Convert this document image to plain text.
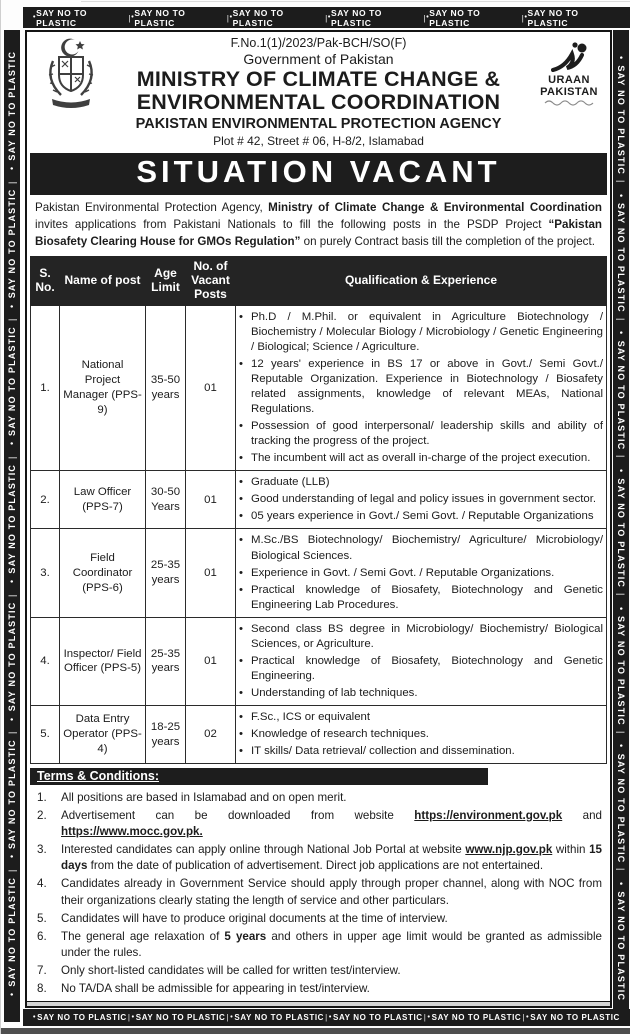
• SAY NO TO PLASTIC	| • SAY NO TO PLASTIC	| • SAY NO TO PLASTIC	| • SAY NO TO PLASTIC	| • SAY NO TO PLASTIC	| • SAY NO TO PLASTIC
•SAY NO TO PLASTIC|•SAY NO TO PLASTIC|•SAY NO TO PLASTIC|•SAY NO TO PLASTIC|•SAY NO TO PLASTIC|•SAY NO TO PLASTIC|•SAY NO TO PLASTIC	•SAY NO TO PLASTIC|•SAY NO TO PLASTIC|•SAY NO TO PLASTIC|•SAY NO TO PLASTIC|•SAY NO TO PLASTIC|•SAY NO TO PLASTIC|•SAY NO TO PLASTIC
F.No.1(1)/2023/Pak-BCH/SO(F)
Government of Pakistan
MINISTRY OF CLIMATE CHANGE &
ENVIRONMENTAL COORDINATION
PAKISTAN ENVIRONMENTAL PROTECTION AGENCY
Plot # 42, Street # 06, H-8/2, Islamabad
URAAN
PAKISTAN
SITUATION VACANT
Pakistan Environmental Protection Agency, Ministry of Climate Change & Environmental Coordination invites applications from Pakistani Nationals to fill the following posts in the PSDP Project “Pakistan Biosafety Clearing House for GMOs Regulation” on purely Contract basis till the completion of the project.
S. No.	Name of post	Age Limit	No. of Vacant Posts	Qualification & Experience
1.	National Project Manager (PPS-9)	35-50 years	01	
• Ph.D / M.Phil. or equivalent in Agriculture Biotechnology / Biochemistry / Molecular Biology / Microbiology / Genetic Engineering / Biological; Science / Agriculture.
• 12 years' experience in BS 17 or above in Govt./ Semi Govt./ Reputable Organization. Experience in Biotechnology / Biosafety related assignments, knowledge of relevant MEAs, National Regulations.
• Possession of good interpersonal/ leadership skills and ability of tracking the progress of the project.
• The incumbent will act as overall in-charge of the project execution.

2.	Law Officer (PPS-7)	30-50 Years	01	
• Graduate (LLB)
• Good understanding of legal and policy issues in government sector.
• 05 years experience in Govt./ Semi Govt. / Reputable Organizations

3.	Field Coordinator (PPS-6)	25-35 years	01	
• M.Sc./BS Biotechnology/ Biochemistry/ Agriculture/ Microbiology/ Biological Sciences.
• Experience in Govt. / Semi Govt. / Reputable Organizations.
• Practical knowledge of Biosafety, Biotechnology and Genetic Engineering Lab Procedures.

4.	Inspector/ Field Officer (PPS-5)	25-35 years	01	
• Second class BS degree in Microbiology/ Biochemistry/ Biological Sciences, or Agriculture.
• Practical knowledge of Biosafety, Biotechnology and Genetic Engineering.
• Understanding of lab techniques.

5.	Data Entry Operator (PPS-4)	18-25 years	02	
• F.Sc., ICS or equivalent
• Knowledge of research techniques.
• IT skills/ Data retrieval/ collection and dissemination.
Terms & Conditions:
1.	All positions are based in Islamabad and on open merit.
2.	Advertisement can be downloaded from website https://environment.gov.pk and https://www.mocc.gov.pk.
3.	Interested candidates can apply online through National Job Portal at website www.njp.gov.pk within 15 days from the date of publication of advertisement. Direct job applications are not entertained.
4.	Candidates already in Government Service should apply through proper channel, along with NOC from their organizations clearly stating the length of service and other particulars.
5.	Candidates will have to produce original documents at the time of interview.
6.	The general age relaxation of 5 years and others in upper age limit would be granted as admissible under the rules.
7.	Only short-listed candidates will be called for written test/interview.
8.	No TA/DA shall be admissible for appearing in test/interview.
• SAY NO TO PLASTIC | • SAY NO TO PLASTIC | • SAY NO TO PLASTIC | • SAY NO TO PLASTIC | • SAY NO TO PLASTIC | • SAY NO TO PLASTIC
